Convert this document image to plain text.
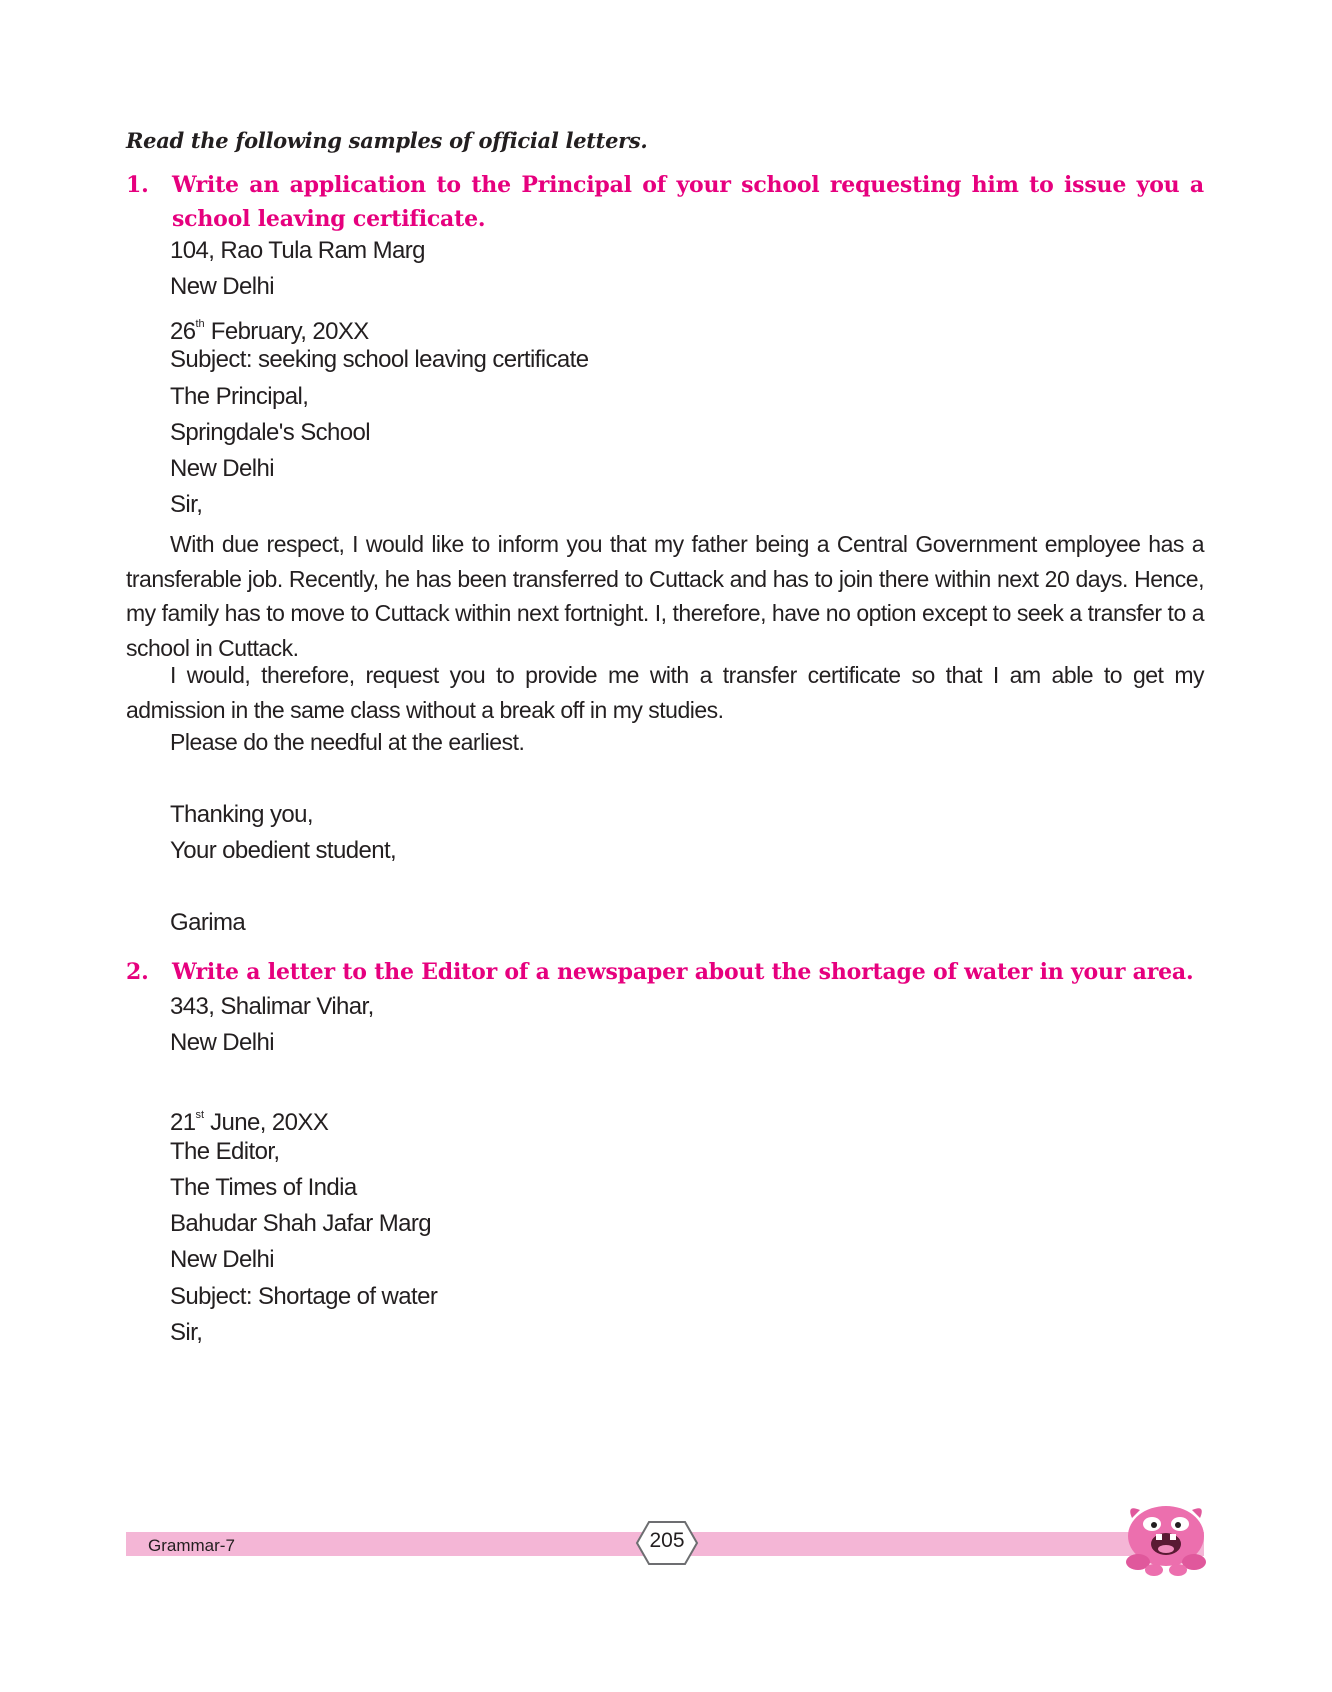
Read the following samples of official letters.
1.	Write an application to the Principal of your school requesting him to issue you a school leaving certificate.
104, Rao Tula Ram Marg
New Delhi
26th February, 20XX
Subject: seeking school leaving certificate
The Principal,
Springdale's School
New Delhi
Sir,
With due respect, I would like to inform you that my father being a Central Government employee has a transferable job. Recently, he has been transferred to Cuttack and has to join there within next 20 days. Hence, my family has to move to Cuttack within next fortnight. I, therefore, have no option except to seek a transfer to a school in Cuttack.
I would, therefore, request you to provide me with a transfer certificate so that I am able to get my admission in the same class without a break off in my studies.
Please do the needful at the earliest.
Thanking you,
Your obedient student,
Garima
2.	Write a letter to the Editor of a newspaper about the shortage of water in your area.
343, Shalimar Vihar,
New Delhi
21st June, 20XX
The Editor,
The Times of India
Bahudar Shah Jafar Marg
New Delhi
Subject: Shortage of water
Sir,
Grammar-7	205
